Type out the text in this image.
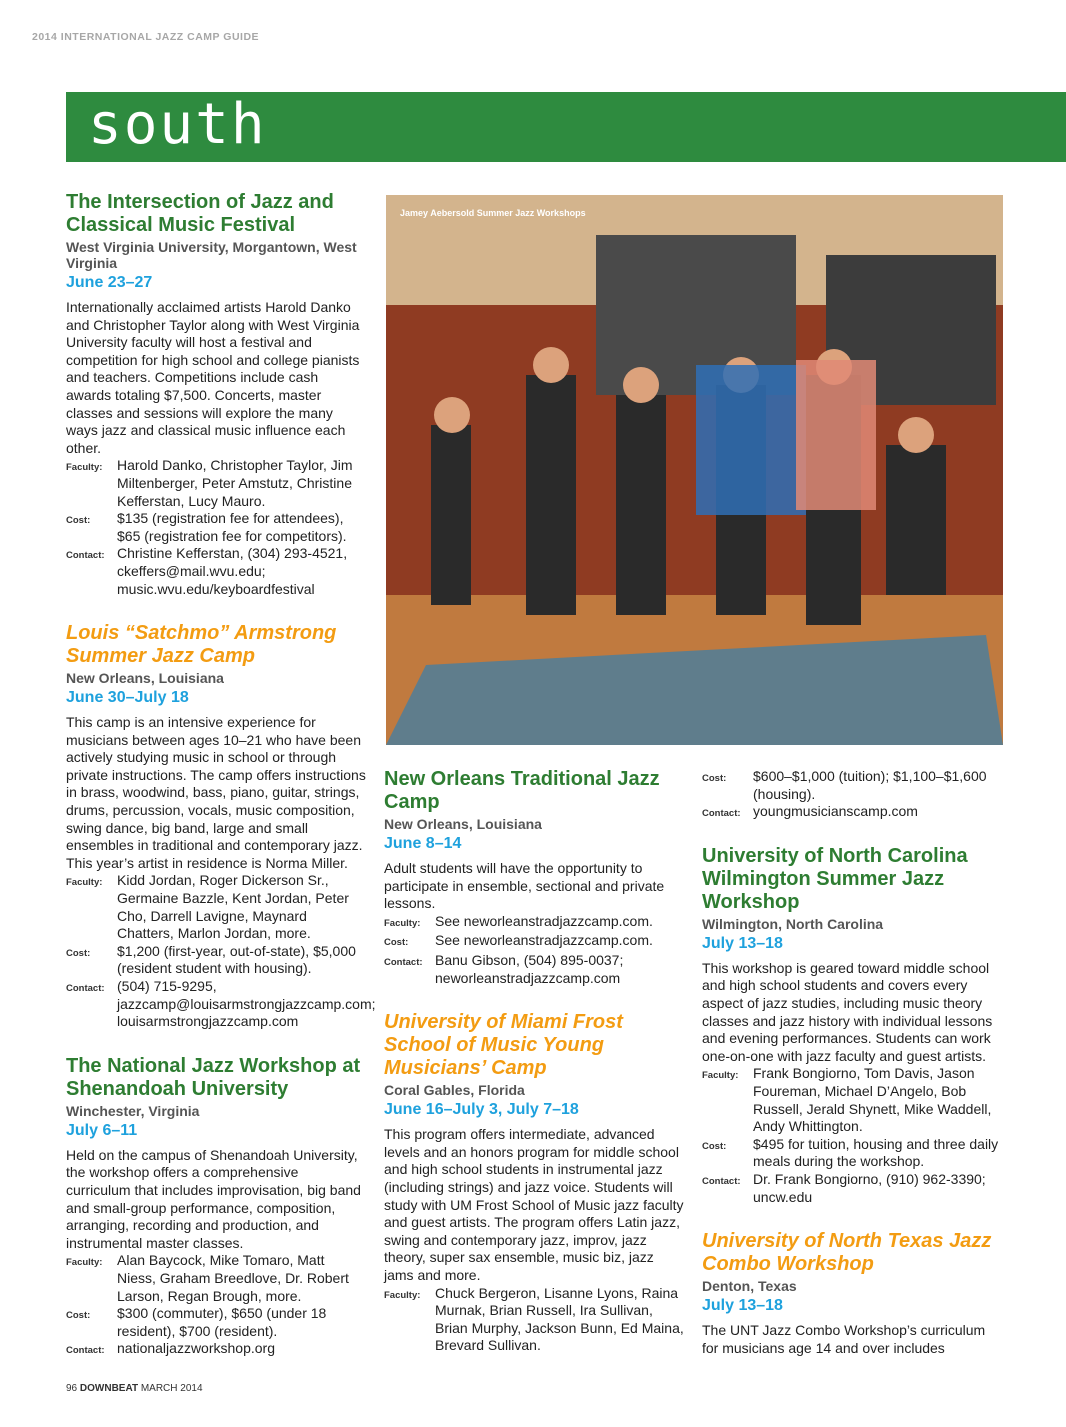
2014 INTERNATIONAL JAZZ CAMP GUIDE
south
The Intersection of Jazz and Classical Music Festival
West Virginia University, Morgantown, West Virginia
June 23–27
Internationally acclaimed artists Harold Danko and Christopher Taylor along with West Virginia University faculty will host a festival and competition for high school and college pianists and teachers. Competitions include cash awards totaling $7,500. Concerts, master classes and sessions will explore the many ways jazz and classical music influence each other.
Faculty:	Harold Danko, Christopher Taylor, Jim Miltenberger, Peter Amstutz, Christine Kefferstan, Lucy Mauro.
Cost:	$135 (registration fee for attendees), $65 (registration fee for competitors).
Contact: Christine Kefferstan, (304) 293-4521, ckeffers@mail.wvu.edu; music.wvu.edu/keyboardfestival
Louis “Satchmo” Armstrong Summer Jazz Camp
New Orleans, Louisiana
June 30–July 18
This camp is an intensive experience for musicians between ages 10–21 who have been actively studying music in school or through private instructions. The camp offers instructions in brass, woodwind, bass, piano, guitar, strings, drums, percussion, vocals, music composition, swing dance, big band, large and small ensembles in traditional and contemporary jazz. This year’s artist in residence is Norma Miller.
Faculty:	Kidd Jordan, Roger Dickerson Sr., Germaine Bazzle, Kent Jordan, Peter Cho, Darrell Lavigne, Maynard Chatters, Marlon Jordan, more.
Cost:	$1,200 (first-year, out-of-state), $5,000 (resident student with housing).
Contact: (504) 715-9295, jazzcamp@louisarmstrongjazzcamp.com; louisarmstrongjazzcamp.com
The National Jazz Workshop at Shenandoah University
Winchester, Virginia
July 6–11
Held on the campus of Shenandoah University, the workshop offers a comprehensive curriculum that includes improvisation, big band and small-group performance, composition, arranging, recording and production, and instrumental master classes.
Faculty:	Alan Baycock, Mike Tomaro, Matt Niess, Graham Breedlove, Dr. Robert Larson, Regan Brough, more.
Cost:	$300 (commuter), $650 (under 18 resident), $700 (resident).
Contact: nationaljazzworkshop.org
Jamey Aebersold Summer Jazz Workshops
New Orleans Traditional Jazz Camp
New Orleans, Louisiana
June 8–14
Adult students will have the opportunity to participate in ensemble, sectional and private lessons.
Faculty:	See neworleanstradjazzcamp.com.
Cost:	See neworleanstradjazzcamp.com.
Contact: Banu Gibson, (504) 895-0037; neworleanstradjazzcamp.com
University of Miami Frost School of Music Young Musicians’ Camp
Coral Gables, Florida
June 16–July 3, July 7–18
This program offers intermediate, advanced levels and an honors program for middle school and high school students in instrumental jazz (including strings) and jazz voice. Students will study with UM Frost School of Music jazz faculty and guest artists. The program offers Latin jazz, swing and contemporary jazz, improv, jazz theory, super sax ensemble, music biz, jazz jams and more.
Faculty:	Chuck Bergeron, Lisanne Lyons, Raina Murnak, Brian Russell, Ira Sullivan, Brian Murphy, Jackson Bunn, Ed Maina, Brevard Sullivan.
Cost:	$600–$1,000 (tuition); $1,100–$1,600 (housing).
Contact: youngmusicianscamp.com
University of North Carolina Wilmington Summer Jazz Workshop
Wilmington, North Carolina
July 13–18
This workshop is geared toward middle school and high school students and covers every aspect of jazz studies, including music theory classes and jazz history with individual lessons and evening performances. Students can work one-on-one with jazz faculty and guest artists.
Faculty:	Frank Bongiorno, Tom Davis, Jason Foureman, Michael D’Angelo, Bob Russell, Jerald Shynett, Mike Waddell, Andy Whittington.
Cost:	$495 for tuition, housing and three daily meals during the workshop.
Contact: Dr. Frank Bongiorno, (910) 962-3390; uncw.edu
University of North Texas Jazz Combo Workshop
Denton, Texas
July 13–18
The UNT Jazz Combo Workshop’s curriculum for musicians age 14 and over includes
96 DOWNBEAT MARCH 2014
